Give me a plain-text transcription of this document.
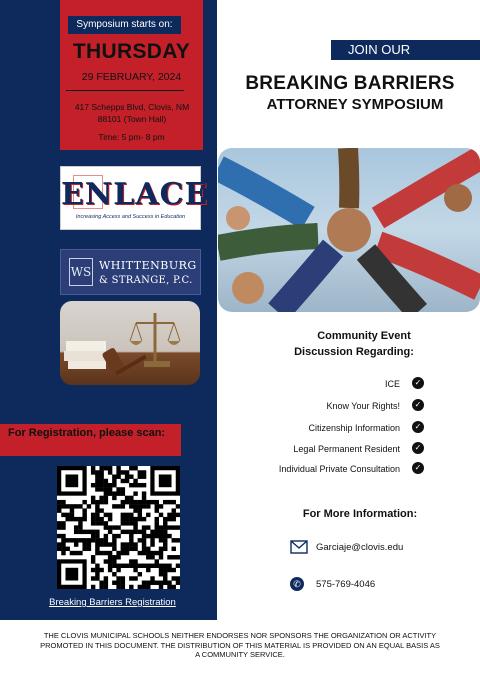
Symposium starts on:
THURSDAY
29 FEBRUARY, 2024
417 Schepps Blvd, Clovis, NM 88101 (Town Hall)
Time: 5 pm- 8 pm
ENLACE
Increasing Access and Success in Education
WS WHITTENBURG
& STRANGE, P.C.
For Registration, please scan:
Breaking Barriers Registration
JOIN OUR
BREAKING BARRIERS
ATTORNEY SYMPOSIUM
Community Event
Discussion Regarding:
ICE	✓
Know Your Rights!	✓
Citizenship Information	✓
Legal Permanent Resident	✓
Individual Private Consultation	✓
For More Information:
Garciaje@clovis.edu
✆	575-769-4046
THE CLOVIS MUNICIPAL SCHOOLS NEITHER ENDORSES NOR SPONSORS THE ORGANIZATION OR ACTIVITY PROMOTED IN THIS DOCUMENT. THE DISTRIBUTION OF THIS MATERIAL IS PROVIDED ON AN EQUAL BASIS AS A COMMUNITY SERVICE.
